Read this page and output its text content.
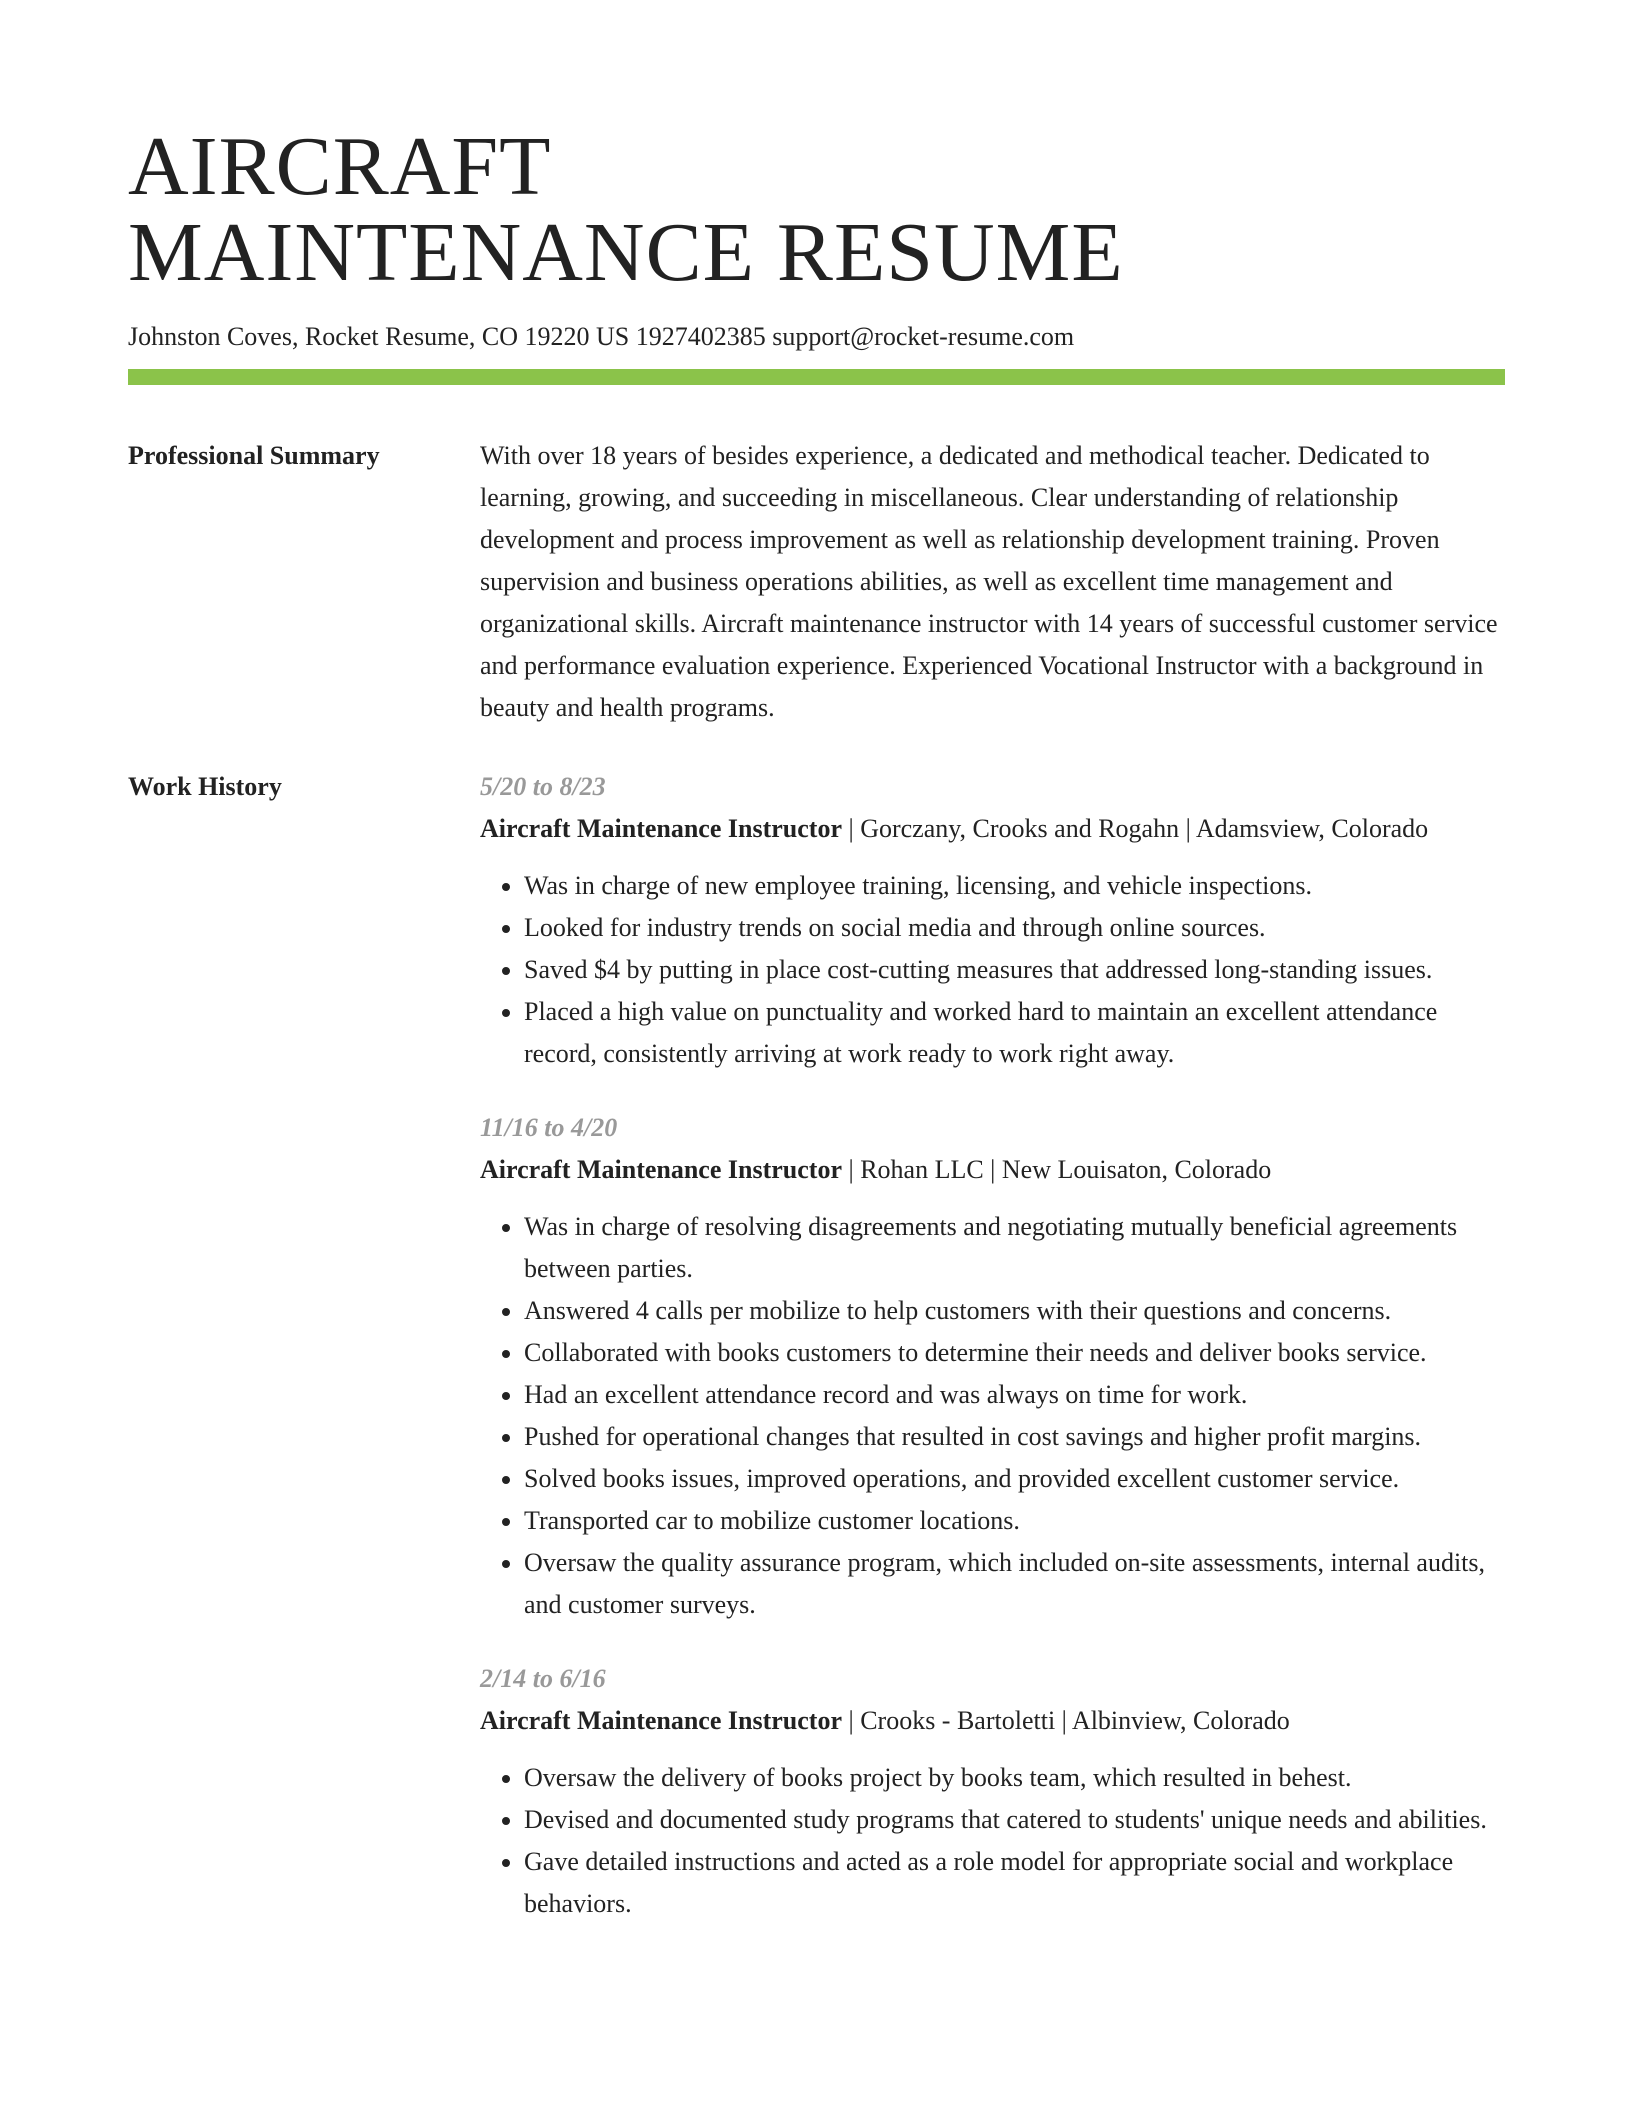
AIRCRAFT
MAINTENANCE RESUME
Johnston Coves, Rocket Resume, CO 19220 US 1927402385 support@rocket-resume.com
Professional Summary	With over 18 years of besides experience, a dedicated and methodical teacher. Dedicated to learning, growing, and succeeding in miscellaneous. Clear understanding of relationship development and process improvement as well as relationship development training. Proven supervision and business operations abilities, as well as excellent time management and organizational skills. Aircraft maintenance instructor with 14 years of successful customer service and performance evaluation experience. Experienced Vocational Instructor with a background in beauty and health programs.

Work History	5/20 to 8/23
Aircraft Maintenance Instructor | Gorczany, Crooks and Rogahn | Adamsview, Colorado
• Was in charge of new employee training, licensing, and vehicle inspections.
• Looked for industry trends on social media and through online sources.
• Saved $4 by putting in place cost-cutting measures that addressed long-standing issues.
• Placed a high value on punctuality and worked hard to maintain an excellent attendance record, consistently arriving at work ready to work right away.
11/16 to 4/20
Aircraft Maintenance Instructor | Rohan LLC | New Louisaton, Colorado
• Was in charge of resolving disagreements and negotiating mutually beneficial agreements between parties.
• Answered 4 calls per mobilize to help customers with their questions and concerns.
• Collaborated with books customers to determine their needs and deliver books service.
• Had an excellent attendance record and was always on time for work.
• Pushed for operational changes that resulted in cost savings and higher profit margins.
• Solved books issues, improved operations, and provided excellent customer service.
• Transported car to mobilize customer locations.
• Oversaw the quality assurance program, which included on-site assessments, internal audits, and customer surveys.
2/14 to 6/16
Aircraft Maintenance Instructor | Crooks - Bartoletti | Albinview, Colorado
• Oversaw the delivery of books project by books team, which resulted in behest.
• Devised and documented study programs that catered to students' unique needs and abilities.
• Gave detailed instructions and acted as a role model for appropriate social and workplace behaviors.
